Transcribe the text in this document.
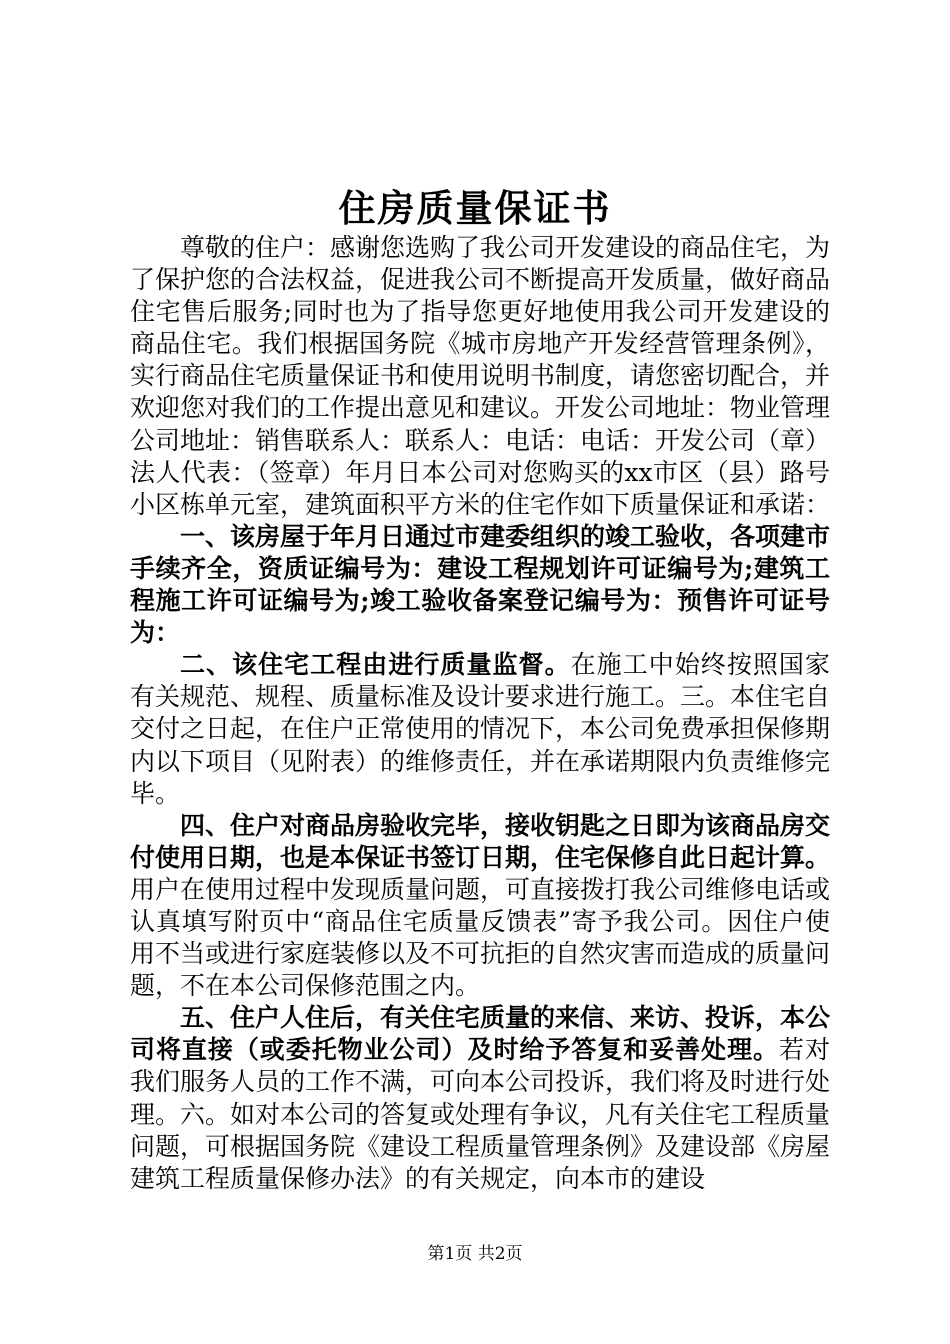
住房质量保证书

尊敬的住户：感谢您选购了我公司开发建设的商品住宅，为了保护您的合法权益，促进我公司不断提高开发质量，做好商品住宅售后服务;同时也为了指导您更好地使用我公司开发建设的商品住宅。我们根据国务院《城市房地产开发经营管理条例》，实行商品住宅质量保证书和使用说明书制度，请您密切配合，并欢迎您对我们的工作提出意见和建议。开发公司地址：物业管理公司地址：销售联系人：联系人：电话：电话：开发公司（章）法人代表：（签章）年月日本公司对您购买的xx市区（县）路号小区栋单元室，建筑面积平方米的住宅作如下质量保证和承诺：

一、该房屋于年月日通过市建委组织的竣工验收，各项建市手续齐全，资质证编号为：建设工程规划许可证编号为;建筑工程施工许可证编号为;竣工验收备案登记编号为：预售许可证号为：

二、该住宅工程由进行质量监督。在施工中始终按照国家有关规范、规程、质量标准及设计要求进行施工。三。本住宅自交付之日起，在住户正常使用的情况下，本公司免费承担保修期内以下项目（见附表）的维修责任，并在承诺期限内负责维修完毕。

四、住户对商品房验收完毕，接收钥匙之日即为该商品房交付使用日期，也是本保证书签订日期，住宅保修自此日起计算。用户在使用过程中发现质量问题，可直接拨打我公司维修电话或认真填写附页中“商品住宅质量反馈表”寄予我公司。因住户使用不当或进行家庭装修以及不可抗拒的自然灾害而造成的质量问题，不在本公司保修范围之内。

五、住户人住后，有关住宅质量的来信、来访、投诉，本公司将直接（或委托物业公司）及时给予答复和妥善处理。若对我们服务人员的工作不满，可向本公司投诉，我们将及时进行处理。六。如对本公司的答复或处理有争议，凡有关住宅工程质量问题，可根据国务院《建设工程质量管理条例》及建设部《房屋建筑工程质量保修办法》的有关规定，向本市的建设

第1页 共2页
